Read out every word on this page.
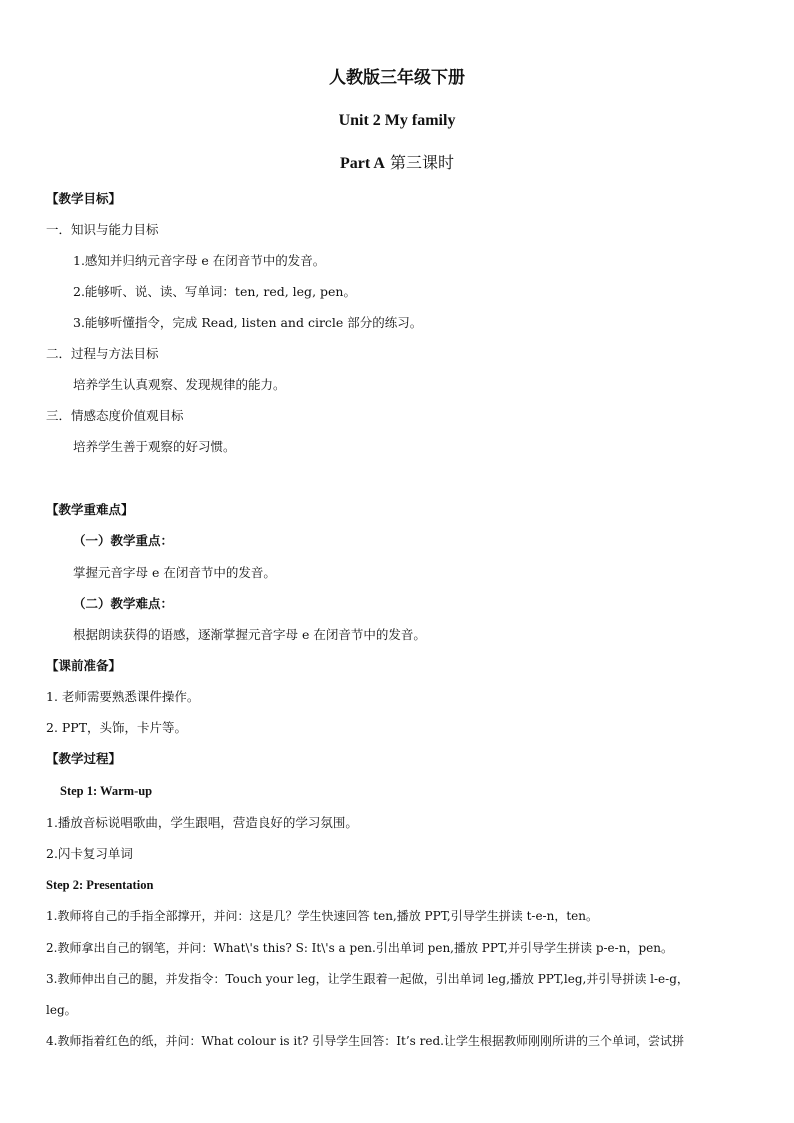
人教版三年级下册
Unit 2 My family
Part A 第三课时
【教学目标】
一．知识与能力目标
1.感知并归纳元音字母 e 在闭音节中的发音。
2.能够听、说、读、写单词：ten, red, leg, pen。
3.能够听懂指令，完成 Read, listen and circle 部分的练习。
二．过程与方法目标
培养学生认真观察、发现规律的能力。
三．情感态度价值观目标
培养学生善于观察的好习惯。
【教学重难点】
（一）教学重点：
掌握元音字母 e 在闭音节中的发音。
（二）教学难点：
根据朗读获得的语感，逐渐掌握元音字母 e 在闭音节中的发音。
【课前准备】
1. 老师需要熟悉课件操作。
2. PPT，头饰，卡片等。
【教学过程】
Step 1: Warm-up
1.播放音标说唱歌曲，学生跟唱，营造良好的学习氛围。
2.闪卡复习单词
Step 2: Presentation
1.教师将自己的手指全部撑开，并问：这是几？学生快速回答 ten,播放 PPT,引导学生拼读 t-e-n，ten。
2.教师拿出自己的钢笔，并问：What\'s this? S: It\'s a pen.引出单词 pen,播放 PPT,并引导学生拼读 p-e-n，pen。
3.教师伸出自己的腿，并发指令：Touch your leg，让学生跟着一起做，引出单词 leg,播放 PPT,leg,并引导拼读 l-e-g，
leg。
4.教师指着红色的纸，并问：What colour is it? 引导学生回答：It’s red.让学生根据教师刚刚所讲的三个单词，尝试拼
